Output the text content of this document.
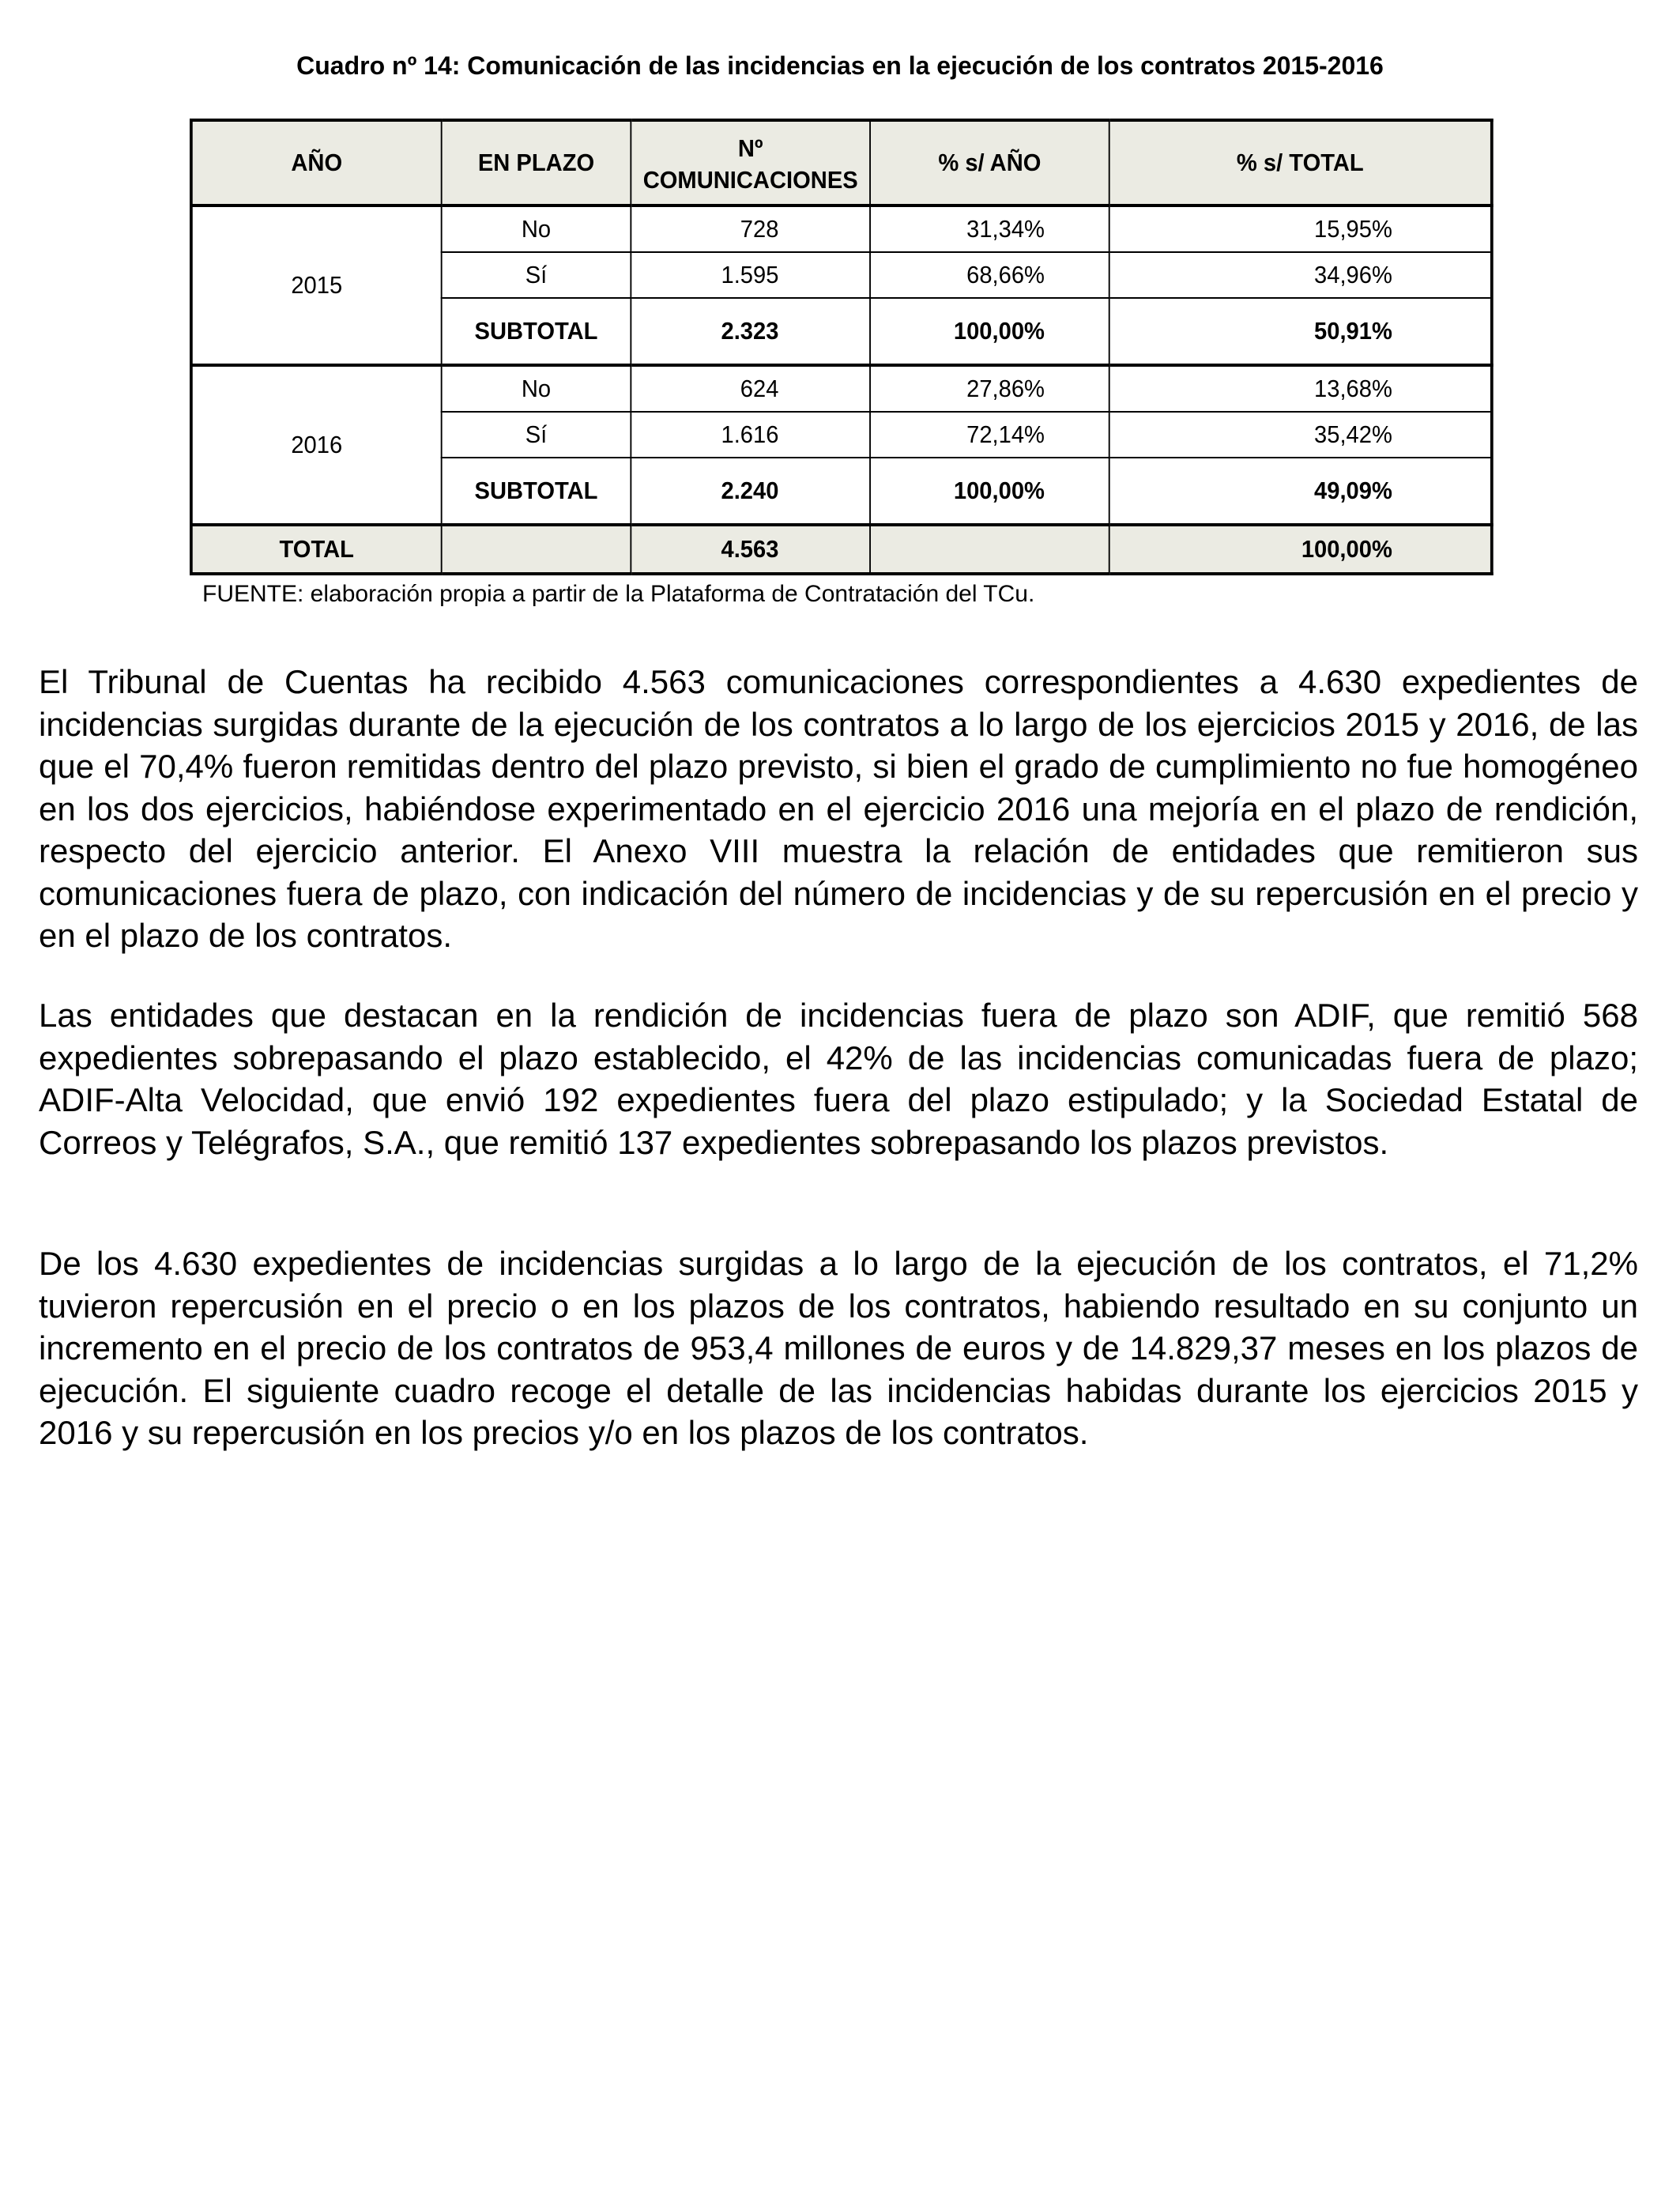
Cuadro nº 14: Comunicación de las incidencias en la ejecución de los contratos 2015-2016
AÑO	EN PLAZO	Nº COMUNICACIONES	% s/ AÑO	% s/ TOTAL
2015	No	728	31,34%	15,95%
	Sí	1.595	68,66%	34,96%
	SUBTOTAL	2.323	100,00%	50,91%
2016	No	624	27,86%	13,68%
	Sí	1.616	72,14%	35,42%
	SUBTOTAL	2.240	100,00%	49,09%
TOTAL		4.563		100,00%
FUENTE: elaboración propia a partir de la Plataforma de Contratación del TCu.

El Tribunal de Cuentas ha recibido 4.563 comunicaciones correspondientes a 4.630 expedientes de incidencias surgidas durante de la ejecución de los contratos a lo largo de los ejercicios 2015 y 2016, de las que el 70,4% fueron remitidas dentro del plazo previsto, si bien el grado de cumplimiento no fue homogéneo en los dos ejercicios, habiéndose experimentado en el ejercicio 2016 una mejoría en el plazo de rendición, respecto del ejercicio anterior. El Anexo VIII muestra la relación de entidades que remitieron sus comunicaciones fuera de plazo, con indicación del número de incidencias y de su repercusión en el precio y en el plazo de los contratos.

Las entidades que destacan en la rendición de incidencias fuera de plazo son ADIF, que remitió 568 expedientes sobrepasando el plazo establecido, el 42% de las incidencias comunicadas fuera de plazo; ADIF-Alta Velocidad, que envió 192 expedientes fuera del plazo estipulado; y la Sociedad Estatal de Correos y Telégrafos, S.A., que remitió 137 expedientes sobrepasando los plazos previstos.

De los 4.630 expedientes de incidencias surgidas a lo largo de la ejecución de los contratos, el 71,2% tuvieron repercusión en el precio o en los plazos de los contratos, habiendo resultado en su conjunto un incremento en el precio de los contratos de 953,4 millones de euros y de 14.829,37 meses en los plazos de ejecución. El siguiente cuadro recoge el detalle de las incidencias habidas durante los ejercicios 2015 y 2016 y su repercusión en los precios y/o en los plazos de los contratos.
